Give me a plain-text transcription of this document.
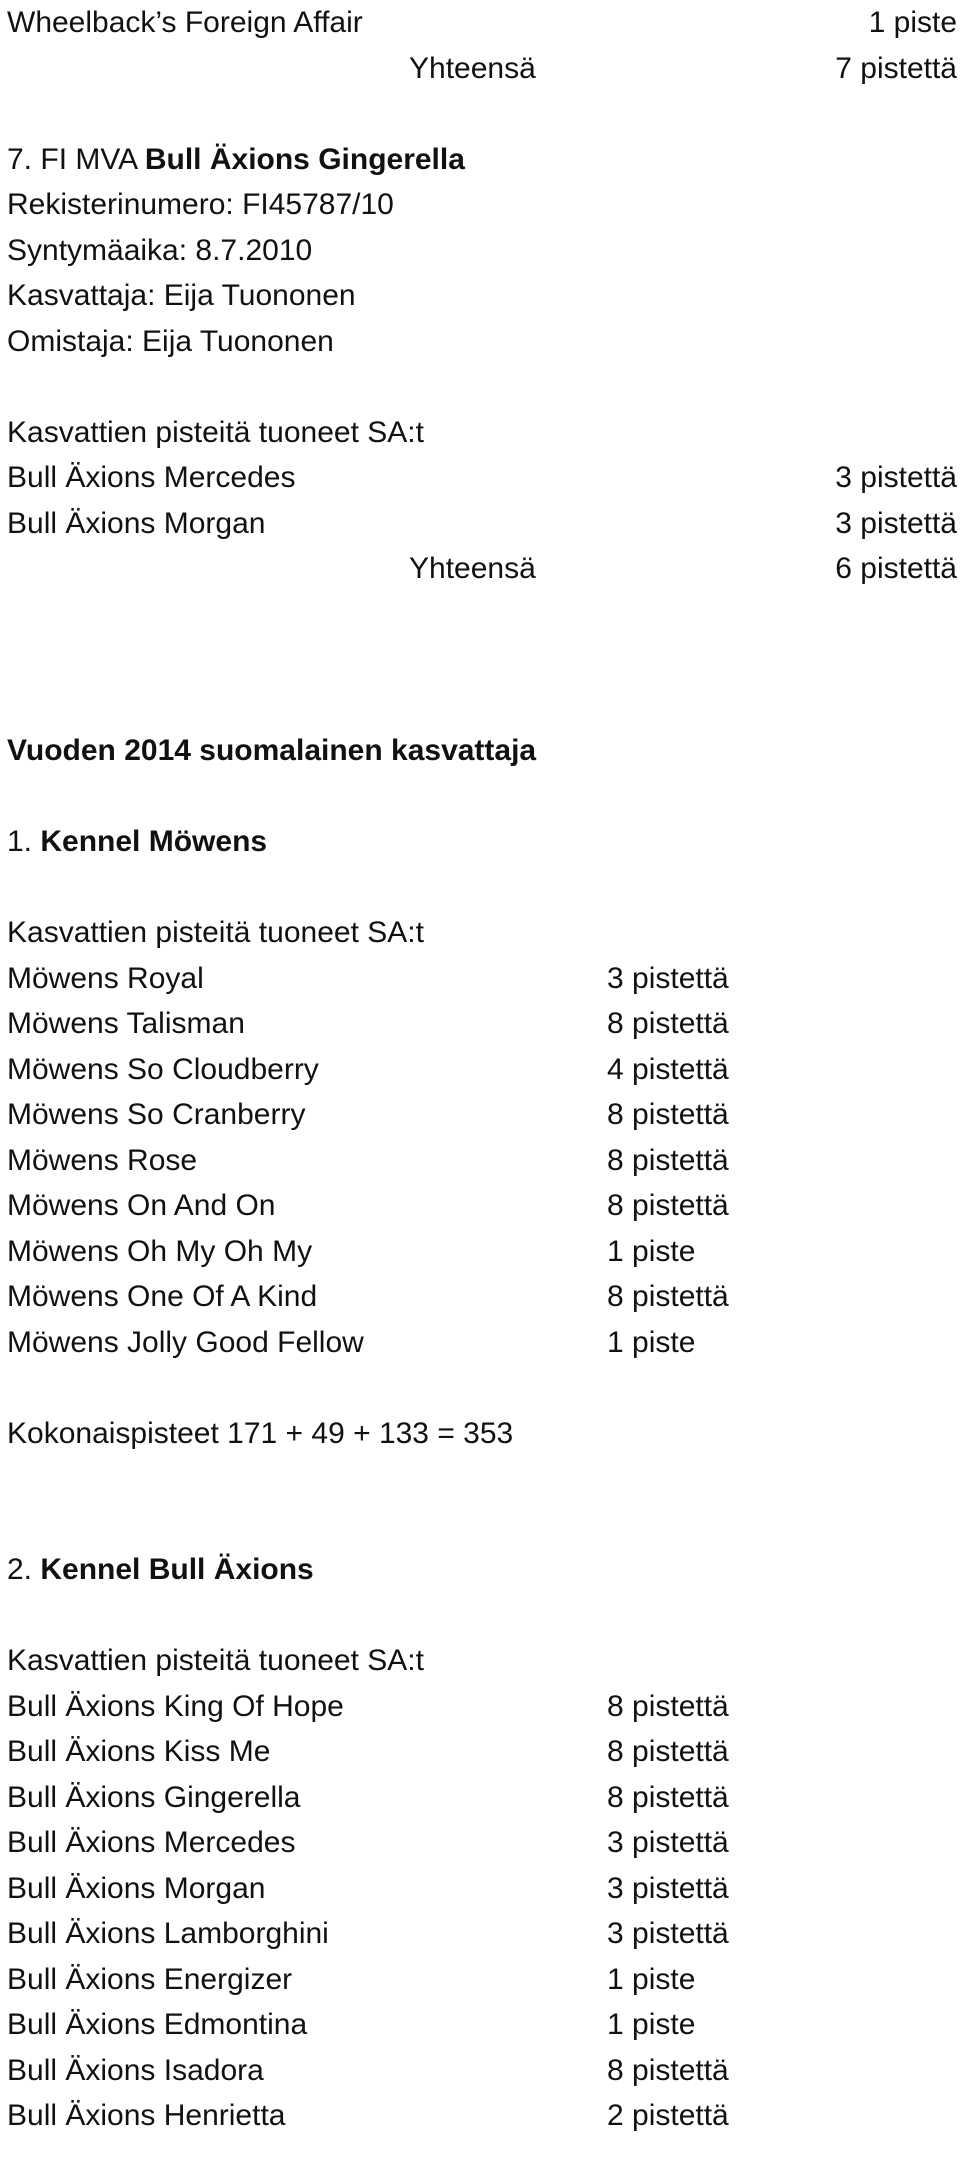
Wheelback’s Foreign Affair	1 piste
Yhteensä	7 pistettä
7. FI MVA Bull Äxions Gingerella
Rekisterinumero: FI45787/10
Syntymäaika: 8.7.2010
Kasvattaja: Eija Tuononen
Omistaja: Eija Tuononen
Kasvattien pisteitä tuoneet SA:t
Bull Äxions Mercedes	3 pistettä
Bull Äxions Morgan	3 pistettä
Yhteensä	6 pistettä
Vuoden 2014 suomalainen kasvattaja
1. Kennel Möwens
Kasvattien pisteitä tuoneet SA:t
Möwens Royal	3 pistettä
Möwens Talisman	8 pistettä
Möwens So Cloudberry	4 pistettä
Möwens So Cranberry	8 pistettä
Möwens Rose	8 pistettä
Möwens On And On	8 pistettä
Möwens Oh My Oh My	1 piste
Möwens One Of A Kind	8 pistettä
Möwens Jolly Good Fellow	1 piste
Kokonaispisteet 171 + 49 + 133 = 353
2. Kennel Bull Äxions
Kasvattien pisteitä tuoneet SA:t
Bull Äxions King Of Hope	8 pistettä
Bull Äxions Kiss Me	8 pistettä
Bull Äxions Gingerella	8 pistettä
Bull Äxions Mercedes	3 pistettä
Bull Äxions Morgan	3 pistettä
Bull Äxions Lamborghini	3 pistettä
Bull Äxions Energizer	1 piste
Bull Äxions Edmontina	1 piste
Bull Äxions Isadora	8 pistettä
Bull Äxions Henrietta	2 pistettä
